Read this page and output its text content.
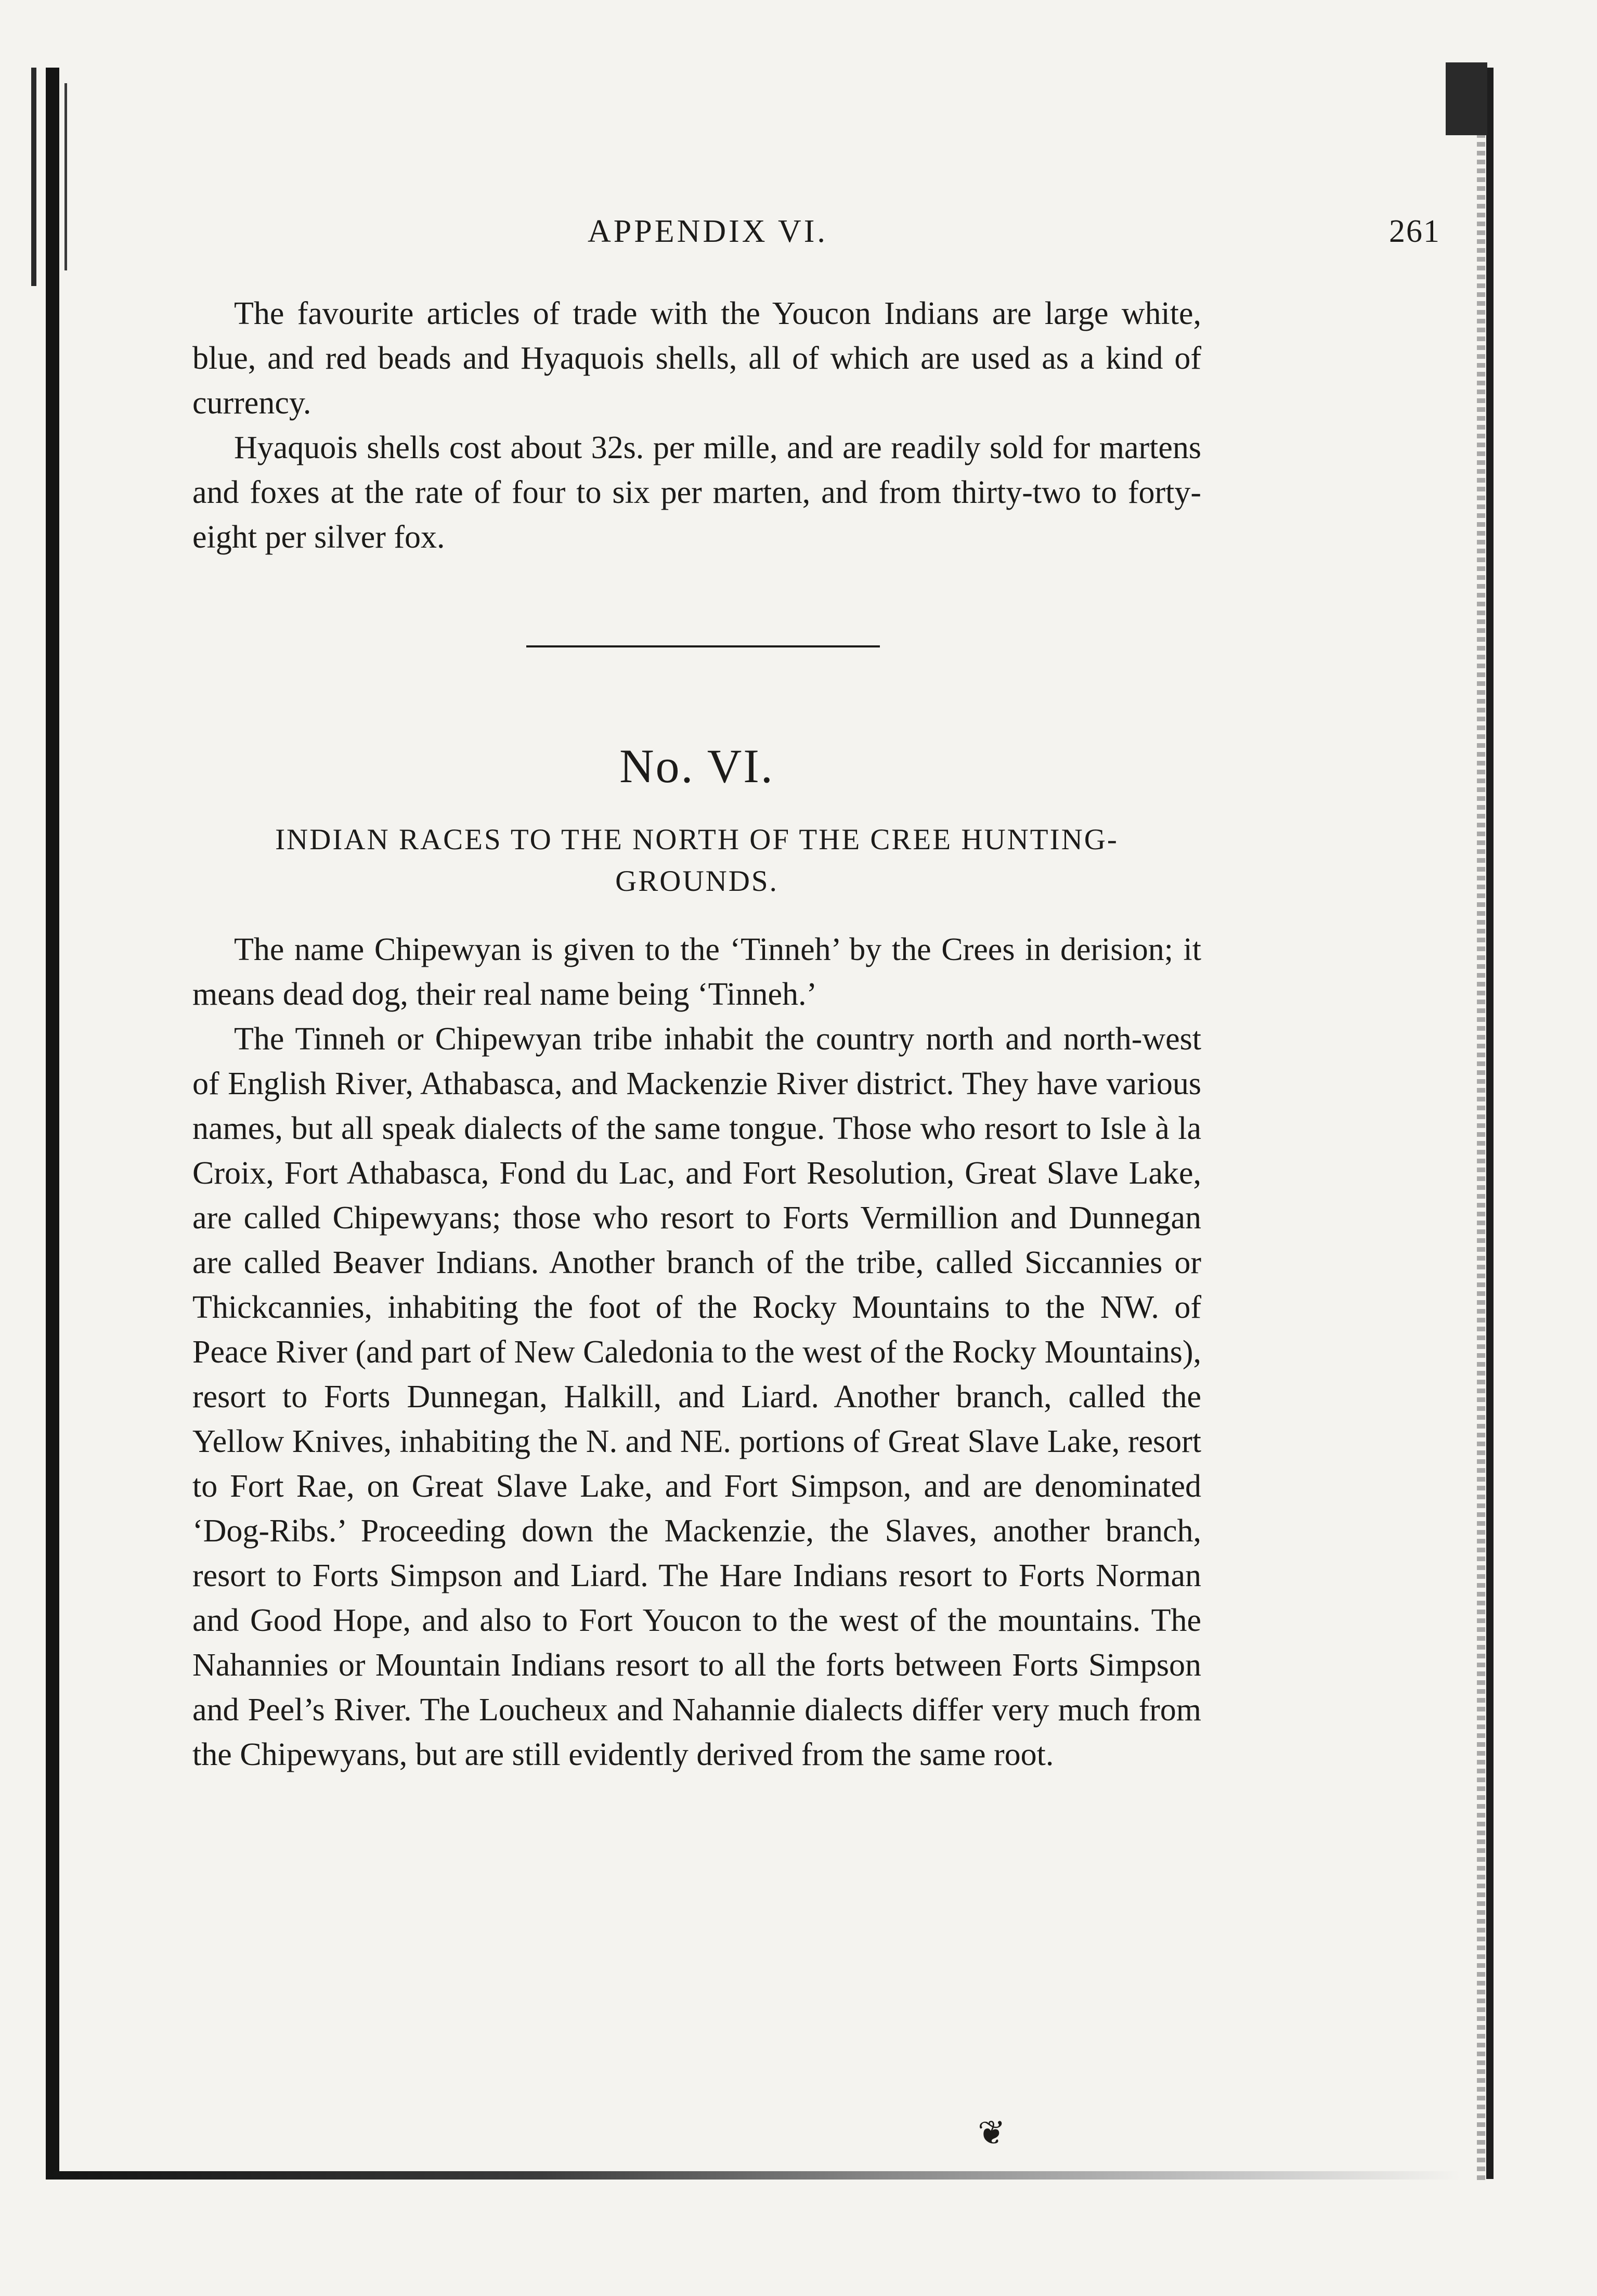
APPENDIX VI.	261

The favourite articles of trade with the Youcon Indians are large white, blue, and red beads and Hyaquois shells, all of which are used as a kind of currency.

Hyaquois shells cost about 32s. per mille, and are readily sold for martens and foxes at the rate of four to six per marten, and from thirty-two to forty-eight per silver fox.

No. VI.

INDIAN RACES TO THE NORTH OF THE CREE HUNTING-GROUNDS.

The name Chipewyan is given to the ‘Tinneh’ by the Crees in derision; it means dead dog, their real name being ‘Tinneh.’

The Tinneh or Chipewyan tribe inhabit the country north and north-west of English River, Athabasca, and Mackenzie River district. They have various names, but all speak dialects of the same tongue. Those who resort to Isle à la Croix, Fort Athabasca, Fond du Lac, and Fort Resolution, Great Slave Lake, are called Chipewyans; those who resort to Forts Vermillion and Dunnegan are called Beaver Indians. Another branch of the tribe, called Siccannies or Thickcannies, inhabiting the foot of the Rocky Mountains to the NW. of Peace River (and part of New Caledonia to the west of the Rocky Mountains), resort to Forts Dunnegan, Halkill, and Liard. Another branch, called the Yellow Knives, inhabiting the N. and NE. portions of Great Slave Lake, resort to Fort Rae, on Great Slave Lake, and Fort Simpson, and are denominated ‘Dog-Ribs.’ Proceeding down the Mackenzie, the Slaves, another branch, resort to Forts Simpson and Liard. The Hare Indians resort to Forts Norman and Good Hope, and also to Fort Youcon to the west of the mountains. The Nahannies or Mountain Indians resort to all the forts between Forts Simpson and Peel’s River. The Loucheux and Nahannie dialects differ very much from the Chipewyans, but are still evidently derived from the same root.

❦
